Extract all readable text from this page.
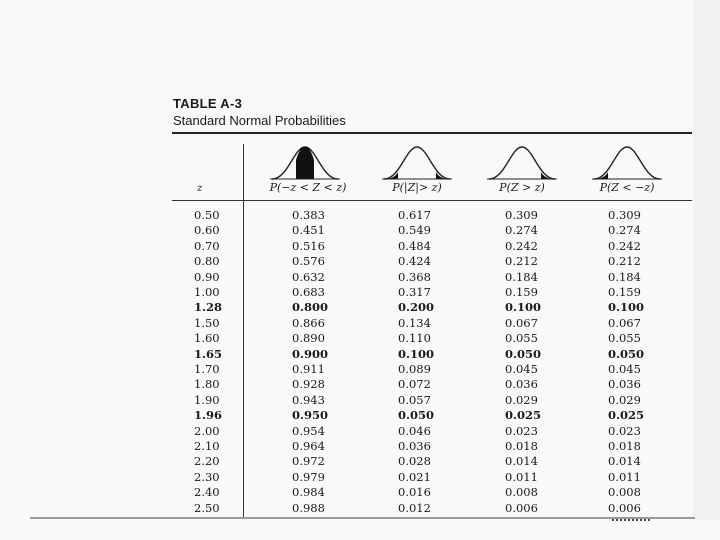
TABLE A-3
Standard Normal Probabilities
z	P(−z < Z < z)	P(|Z|> z)	P(Z > z)	P(Z < −z)
0.50	0.383	0.617	0.309	0.309
0.60	0.451	0.549	0.274	0.274
0.70	0.516	0.484	0.242	0.242
0.80	0.576	0.424	0.212	0.212
0.90	0.632	0.368	0.184	0.184
1.00	0.683	0.317	0.159	0.159
1.28	0.800	0.200	0.100	0.100
1.50	0.866	0.134	0.067	0.067
1.60	0.890	0.110	0.055	0.055
1.65	0.900	0.100	0.050	0.050
1.70	0.911	0.089	0.045	0.045
1.80	0.928	0.072	0.036	0.036
1.90	0.943	0.057	0.029	0.029
1.96	0.950	0.050	0.025	0.025
2.00	0.954	0.046	0.023	0.023
2.10	0.964	0.036	0.018	0.018
2.20	0.972	0.028	0.014	0.014
2.30	0.979	0.021	0.011	0.011
2.40	0.984	0.016	0.008	0.008
2.50	0.988	0.012	0.006	0.006
